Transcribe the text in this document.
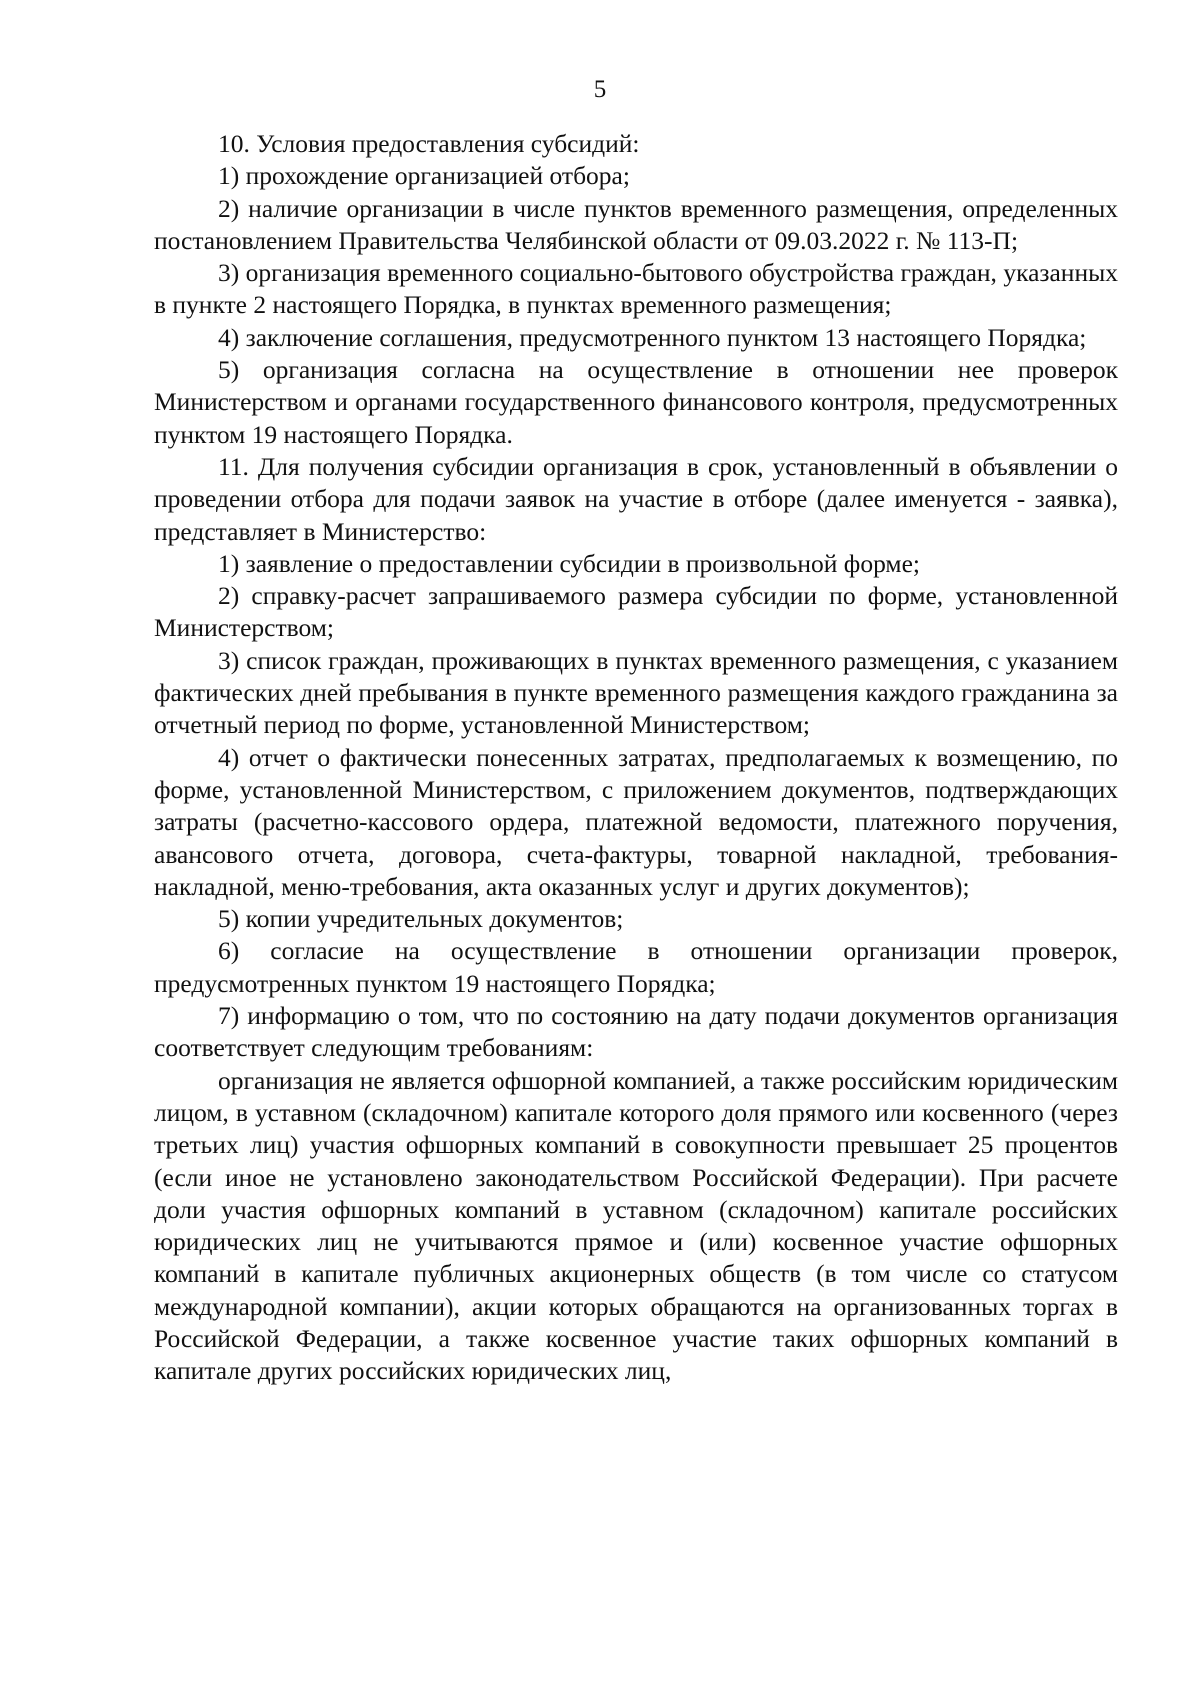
5

10. Условия предоставления субсидий:

1) прохождение организацией отбора;

2) наличие организации в числе пунктов временного размещения, определенных постановлением Правительства Челябинской области от 09.03.2022 г. № 113-П;

3) организация временного социально-бытового обустройства граждан, указанных в пункте 2 настоящего Порядка, в пунктах временного размещения;

4) заключение соглашения, предусмотренного пунктом 13 настоящего Порядка;

5) организация согласна на осуществление в отношении нее проверок Министерством и органами государственного финансового контроля, предусмотренных пунктом 19 настоящего Порядка.

11. Для получения субсидии организация в срок, установленный в объявлении о проведении отбора для подачи заявок на участие в отборе (далее именуется - заявка), представляет в Министерство:

1) заявление о предоставлении субсидии в произвольной форме;

2) справку-расчет запрашиваемого размера субсидии по форме, установленной Министерством;

3) список граждан, проживающих в пунктах временного размещения, с указанием фактических дней пребывания в пункте временного размещения каждого гражданина за отчетный период по форме, установленной Министерством;

4) отчет о фактически понесенных затратах, предполагаемых к возмещению, по форме, установленной Министерством, с приложением документов, подтверждающих затраты (расчетно-кассового ордера, платежной ведомости, платежного поручения, авансового отчета, договора, счета-фактуры, товарной накладной, требования-накладной, меню-требования, акта оказанных услуг и других документов);

5) копии учредительных документов;

6) согласие на осуществление в отношении организации проверок, предусмотренных пунктом 19 настоящего Порядка;

7) информацию о том, что по состоянию на дату подачи документов организация соответствует следующим требованиям:

организация не является офшорной компанией, а также российским юридическим лицом, в уставном (складочном) капитале которого доля прямого или косвенного (через третьих лиц) участия офшорных компаний в совокупности превышает 25 процентов (если иное не установлено законодательством Российской Федерации). При расчете доли участия офшорных компаний в уставном (складочном) капитале российских юридических лиц не учитываются прямое и (или) косвенное участие офшорных компаний в капитале публичных акционерных обществ (в том числе со статусом международной компании), акции которых обращаются на организованных торгах в Российской Федерации, а также косвенное участие таких офшорных компаний в капитале других российских юридических лиц,
